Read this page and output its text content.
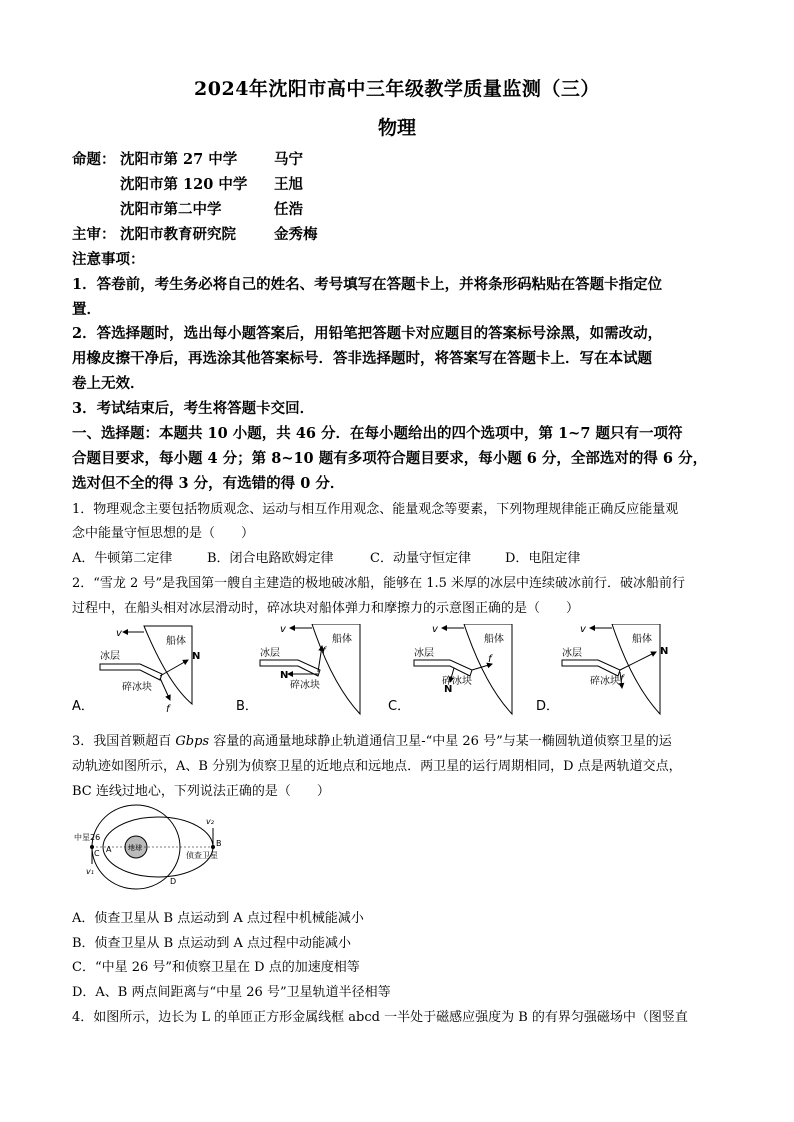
2024年沈阳市高中三年级教学质量监测（三）
物理
命题： 沈阳市第 27 中学	马宁
沈阳市第 120 中学 王旭
沈阳市第二中学	任浩
主审： 沈阳市教育研究院	金秀梅
注意事项：
1．答卷前，考生务必将自己的姓名、考号填写在答题卡上，并将条形码粘贴在答题卡指定位
置．
2．答选择题时，选出每小题答案后，用铅笔把答题卡对应题目的答案标号涂黑，如需改动，
用橡皮擦干净后，再选涂其他答案标号．答非选择题时，将答案写在答题卡上．写在本试题
卷上无效．
3．考试结束后，考生将答题卡交回．
一、选择题：本题共 10 小题，共 46 分．在每小题给出的四个选项中，第 1~7 题只有一项符
合题目要求，每小题 4 分；第 8~10 题有多项符合题目要求，每小题 6 分，全部选对的得 6 分，
选对但不全的得 3 分，有选错的得 0 分．
1．物理观念主要包括物质观念、运动与相互作用观念、能量观念等要素，下列物理规律能正确反应能量观
念中能量守恒思想的是（　　）
A．牛顿第二定律	B．闭合电路欧姆定律	C．动量守恒定律	D．电阻定律
2．“雪龙 2 号”是我国第一艘自主建造的极地破冰船，能够在 1.5 米厚的冰层中连续破冰前行．破冰船前行
过程中，在船头相对冰层滑动时，碎冰块对船体弹力和摩擦力的示意图正确的是（　　）
A．
v
船体
冰层	N
碎冰块
f	B．
v
船体
冰层	f
N
碎冰块
C．
v
船体
冰层
f
N
碎冰块
D．
v
船体
冰层	N
f
碎冰块
3．我国首颗超百 Gbps 容量的高通量地球静止轨道通信卫星-“中星 26 号”与某一椭圆轨道侦察卫星的运
动轨迹如图所示，A、B 分别为侦察卫星的近地点和远地点．两卫星的运行周期相同，D 点是两轨道交点，
BC 连线过地心，下列说法正确的是（　　）
地球
中星26
C A
B
侦查卫星
D
v₁
v₂
A．侦查卫星从 B 点运动到 A 点过程中机械能减小
B．侦查卫星从 B 点运动到 A 点过程中动能减小
C．“中星 26 号”和侦察卫星在 D 点的加速度相等
D．A、B 两点间距离与“中星 26 号”卫星轨道半径相等
4．如图所示，边长为 L 的单匝正方形金属线框 abcd 一半处于磁感应强度为 B 的有界匀强磁场中（图竖直
